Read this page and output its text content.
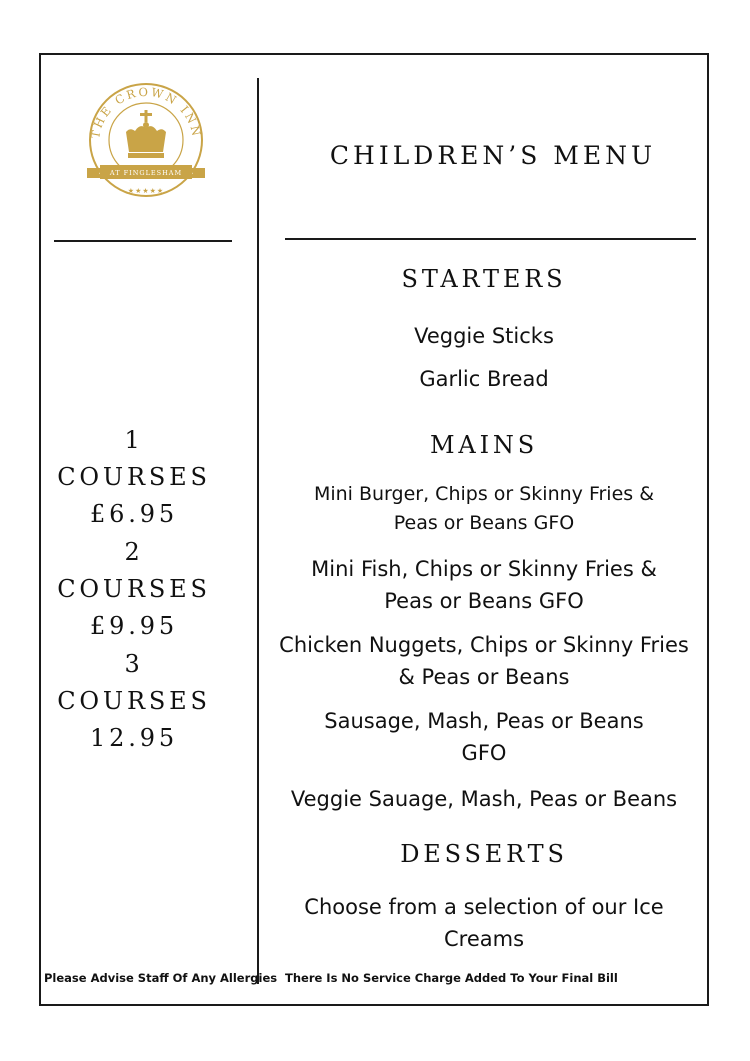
THE CROWN INN
AT FINGLESHAM
★★★★★
CHILDREN’S MENU
1 COURSES
£6.95
2 COURSES
£9.95
3 COURSES
12.95
STARTERS
Veggie Sticks
Garlic Bread
MAINS
Mini Burger, Chips or Skinny Fries &
Peas or Beans GFO
Mini Fish, Chips or Skinny Fries &
Peas or Beans GFO
Chicken Nuggets, Chips or Skinny Fries
& Peas or Beans
Sausage, Mash, Peas or Beans
GFO
Veggie Sauage, Mash, Peas or Beans
DESSERTS
Choose from a selection of our Ice
Creams
Please Advise Staff Of Any Allergies There Is No Service Charge Added To Your Final Bill
